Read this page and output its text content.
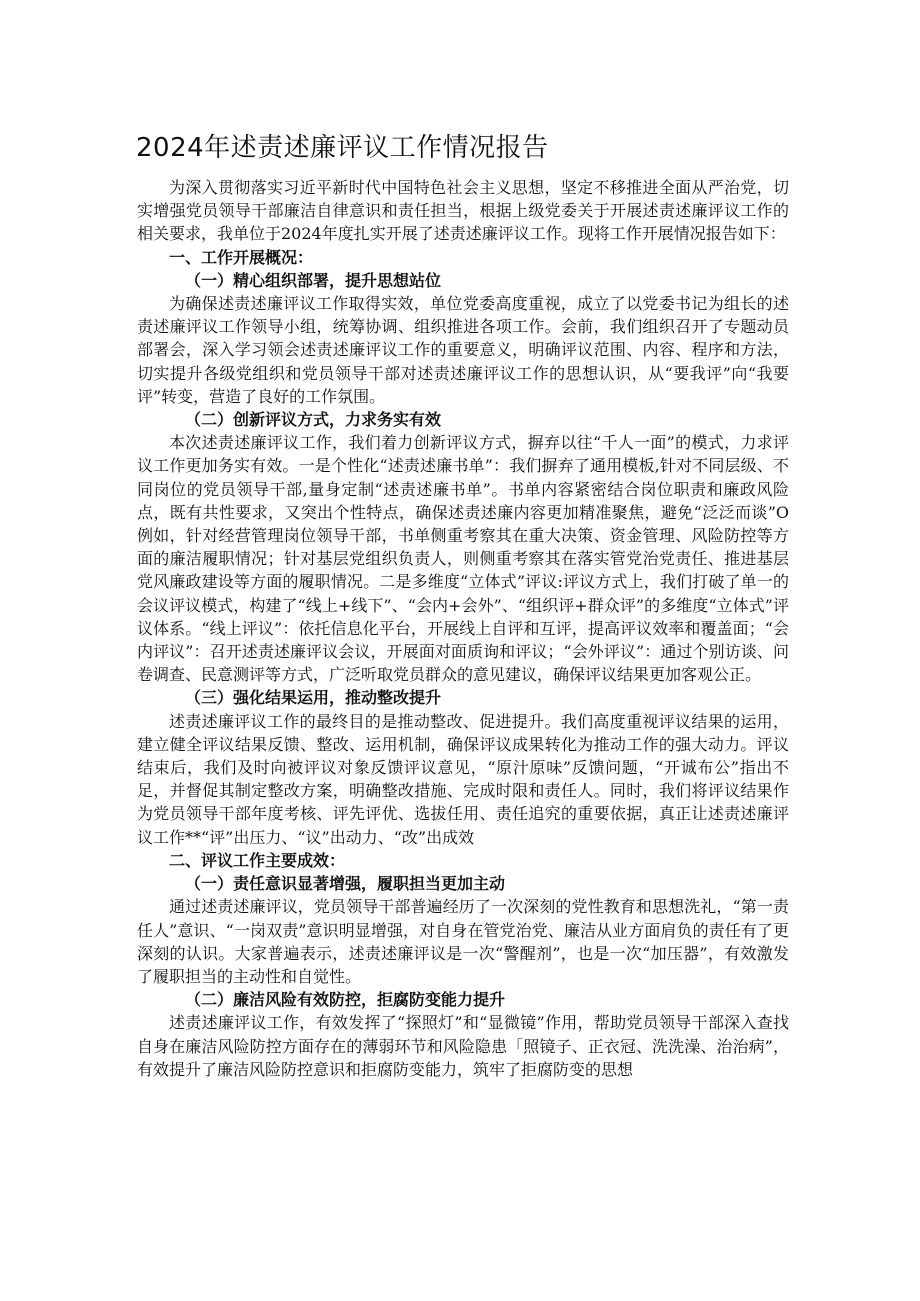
2024年述责述廉评议工作情况报告

为深入贯彻落实习近平新时代中国特色社会主义思想，坚定不移推进全面从严治党，切实增强党员领导干部廉洁自律意识和责任担当，根据上级党委关于开展述责述廉评议工作的相关要求，我单位于2024年度扎实开展了述责述廉评议工作。现将工作开展情况报告如下：

一、工作开展概况：
（一）精心组织部署，提升思想站位

为确保述责述廉评议工作取得实效，单位党委高度重视，成立了以党委书记为组长的述责述廉评议工作领导小组，统筹协调、组织推进各项工作。会前，我们组织召开了专题动员部署会，深入学习领会述责述廉评议工作的重要意义，明确评议范围、内容、程序和方法，切实提升各级党组织和党员领导干部对述责述廉评议工作的思想认识，从“要我评”向“我要评”转变，营造了良好的工作氛围。

（二）创新评议方式，力求务实有效

本次述责述廉评议工作，我们着力创新评议方式，摒弃以往“千人一面”的模式，力求评议工作更加务实有效。一是个性化“述责述廉书单”：我们摒弃了通用模板,针对不同层级、不同岗位的党员领导干部,量身定制“述责述廉书单”。书单内容紧密结合岗位职责和廉政风险点，既有共性要求，又突出个性特点，确保述责述廉内容更加精准聚焦，避免“泛泛而谈”O例如，针对经营管理岗位领导干部，书单侧重考察其在重大决策、资金管理、风险防控等方面的廉洁履职情况；针对基层党组织负责人，则侧重考察其在落实管党治党责任、推进基层党风廉政建设等方面的履职情况。二是多维度“立体式”评议:评议方式上，我们打破了单一的会议评议模式，构建了“线上+线下”、“会内+会外”、“组织评+群众评”的多维度“立体式”评议体系。“线上评议”：依托信息化平台，开展线上自评和互评，提高评议效率和覆盖面；“会内评议”：召开述责述廉评议会议，开展面对面质询和评议；“会外评议”：通过个别访谈、问卷调查、民意测评等方式，广泛听取党员群众的意见建议，确保评议结果更加客观公正。

（三）强化结果运用，推动整改提升

述责述廉评议工作的最终目的是推动整改、促进提升。我们高度重视评议结果的运用，建立健全评议结果反馈、整改、运用机制，确保评议成果转化为推动工作的强大动力。评议结束后，我们及时向被评议对象反馈评议意见，“原汁原味”反馈问题，“开诚布公”指出不足，并督促其制定整改方案，明确整改措施、完成时限和责任人。同时，我们将评议结果作为党员领导干部年度考核、评先评优、选拔任用、责任追究的重要依据，真正让述责述廉评议工作**“评”出压力、“议”出动力、“改”出成效

二、评议工作主要成效：
（一）责任意识显著增强，履职担当更加主动

通过述责述廉评议，党员领导干部普遍经历了一次深刻的党性教育和思想洗礼，“第一责任人”意识、“一岗双责”意识明显增强，对自身在管党治党、廉洁从业方面肩负的责任有了更深刻的认识。大家普遍表示，述责述廉评议是一次“警醒剂”，也是一次“加压器”，有效激发了履职担当的主动性和自觉性。

（二）廉洁风险有效防控，拒腐防变能力提升

述责述廉评议工作，有效发挥了“探照灯”和“显微镜”作用，帮助党员领导干部深入查找自身在廉洁风险防控方面存在的薄弱环节和风险隐患「照镜子、正衣冠、洗洗澡、治治病”，有效提升了廉洁风险防控意识和拒腐防变能力，筑牢了拒腐防变的思想
